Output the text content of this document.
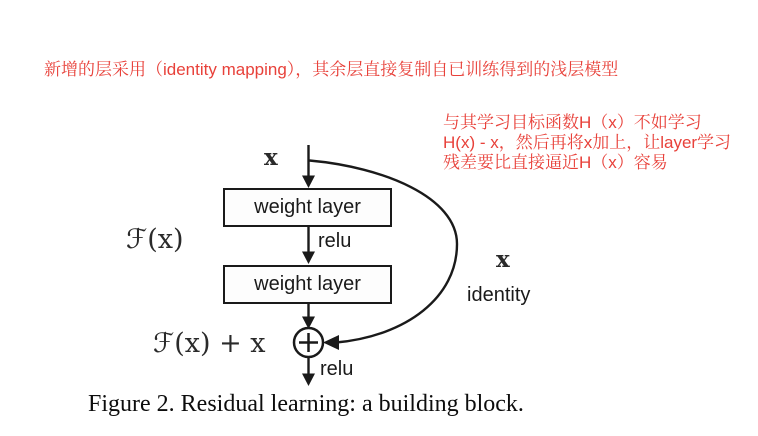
新增的层采用（identity mapping），其余层直接复制自已训练得到的浅层模型
与其学习目标函数H（x）不如学习
H(x) - x，然后再将x加上，让layer学习
残差要比直接逼近H（x）容易
weight layer
weight layer
x
ℱ(x)	relu
x
identity
ℱ(x) + x
relu
Figure 2. Residual learning: a building block.
